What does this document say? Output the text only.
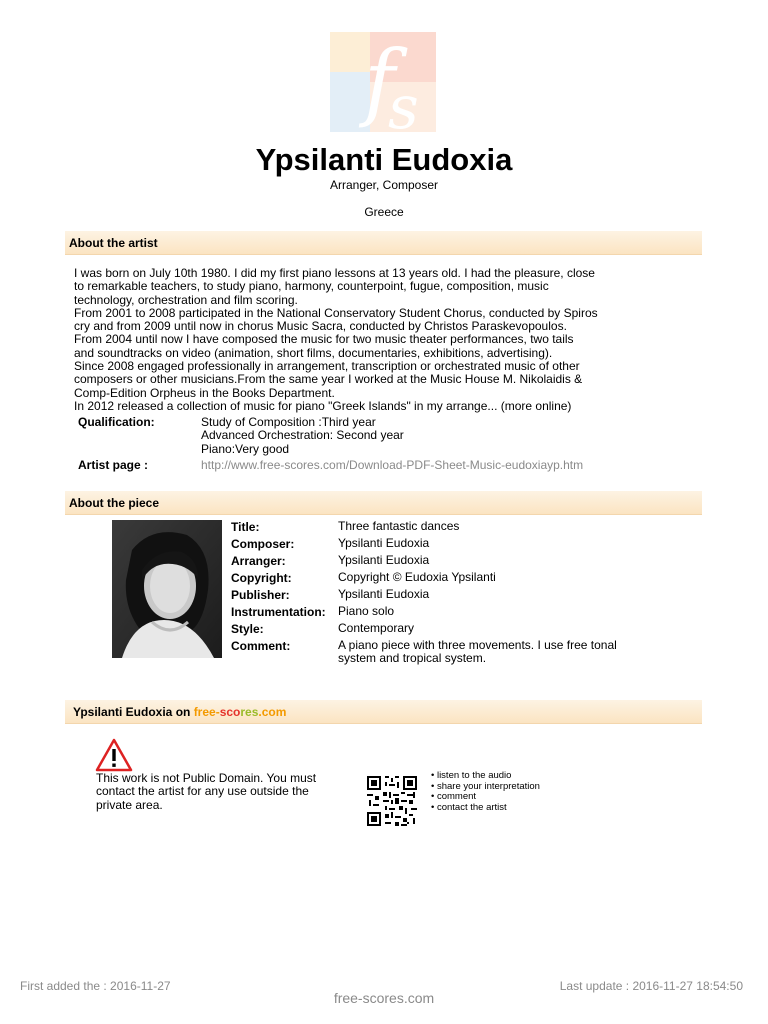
f
s
Ypsilanti Eudoxia
Arranger, Composer
Greece
About the artist
I was born on July 10th 1980. I did my first piano lessons at 13 years old. I had the pleasure, close
to remarkable teachers, to study piano, harmony, counterpoint, fugue, composition, music
technology, orchestration and film scoring.
From 2001 to 2008 participated in the National Conservatory Student Chorus, conducted by Spiros
cry and from 2009 until now in chorus Music Sacra, conducted by Christos Paraskevopoulos.
From 2004 until now I have composed the music for two music theater performances, two tails
and soundtracks on video (animation, short films, documentaries, exhibitions, advertising).
Since 2008 engaged professionally in arrangement, transcription or orchestrated music of other
composers or other musicians.From the same year I worked at the Music House M. Nikolaidis &
Comp-Edition Orpheus in the Books Department.
In 2012 released a collection of music for piano "Greek Islands" in my arrange... (more online)
Qualification:	Study of Composition :Third year
Advanced Orchestration: Second year
Piano:Very good
Artist page :	http://www.free-scores.com/Download-PDF-Sheet-Music-eudoxiayp.htm
About the piece
Title:	Three fantastic dances
Composer:	Ypsilanti Eudoxia
Arranger:	Ypsilanti Eudoxia
Copyright:	Copyright © Eudoxia Ypsilanti
Publisher:	Ypsilanti Eudoxia
Instrumentation: Piano solo
Style:	Contemporary
Comment:	A piano piece with three movements. I use free tonal
system and tropical system.
Ypsilanti Eudoxia on free-scores.com
This work is not Public Domain. You must
contact the artist for any use outside the
private area.
• listen to the audio
• share your interpretation
• comment
• contact the artist
First added the : 2016-11-27	Last update : 2016-11-27 18:54:50
free-scores.com
